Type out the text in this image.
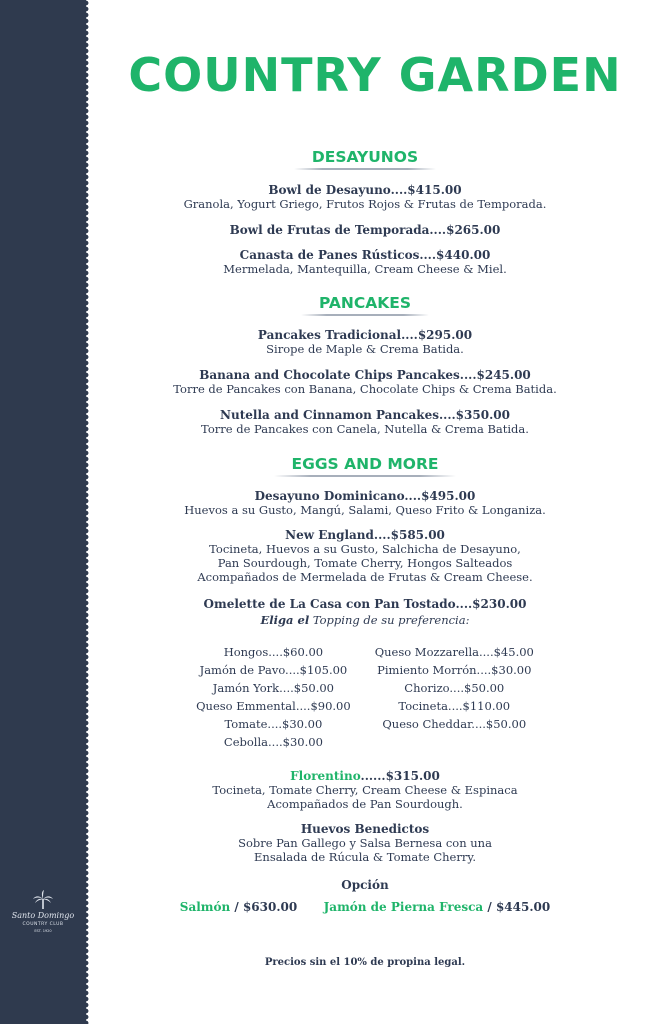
Santo Domingo
COUNTRY CLUB
EST. 1920
COUNTRY GARDEN
DESAYUNOS
Bowl de Desayuno....$415.00
Granola, Yogurt Griego, Frutos Rojos & Frutas de Temporada.
Bowl de Frutas de Temporada....$265.00
Canasta de Panes Rústicos....$440.00
Mermelada, Mantequilla, Cream Cheese & Miel.
PANCAKES
Pancakes Tradicional....$295.00
Sirope de Maple & Crema Batida.
Banana and Chocolate Chips Pancakes....$245.00
Torre de Pancakes con Banana, Chocolate Chips & Crema Batida.
Nutella and Cinnamon Pancakes....$350.00
Torre de Pancakes con Canela, Nutella & Crema Batida.
EGGS AND MORE
Desayuno Dominicano....$495.00
Huevos a su Gusto, Mangú, Salami, Queso Frito & Longaniza.
New England....$585.00
Tocineta, Huevos a su Gusto, Salchicha de Desayuno,
Pan Sourdough, Tomate Cherry, Hongos Salteados
Acompañados de Mermelada de Frutas & Cream Cheese.
Omelette de La Casa con Pan Tostado....$230.00
Eliga el Topping de su preferencia:
Hongos....$60.00
Jamón de Pavo....$105.00
Jamón York....$50.00
Queso Emmental....$90.00
Tomate....$30.00
Cebolla....$30.00
Queso Mozzarella....$45.00
Pimiento Morrón....$30.00
Chorizo....$50.00
Tocineta....$110.00
Queso Cheddar....$50.00
Florentino......$315.00
Tocineta, Tomate Cherry, Cream Cheese & Espinaca
Acompañados de Pan Sourdough.
Huevos Benedictos
Sobre Pan Gallego y Salsa Bernesa con una
Ensalada de Rúcula & Tomate Cherry.
Opción
Salmón / $630.00 Jamón de Pierna Fresca / $445.00
Precios sin el 10% de propina legal.
